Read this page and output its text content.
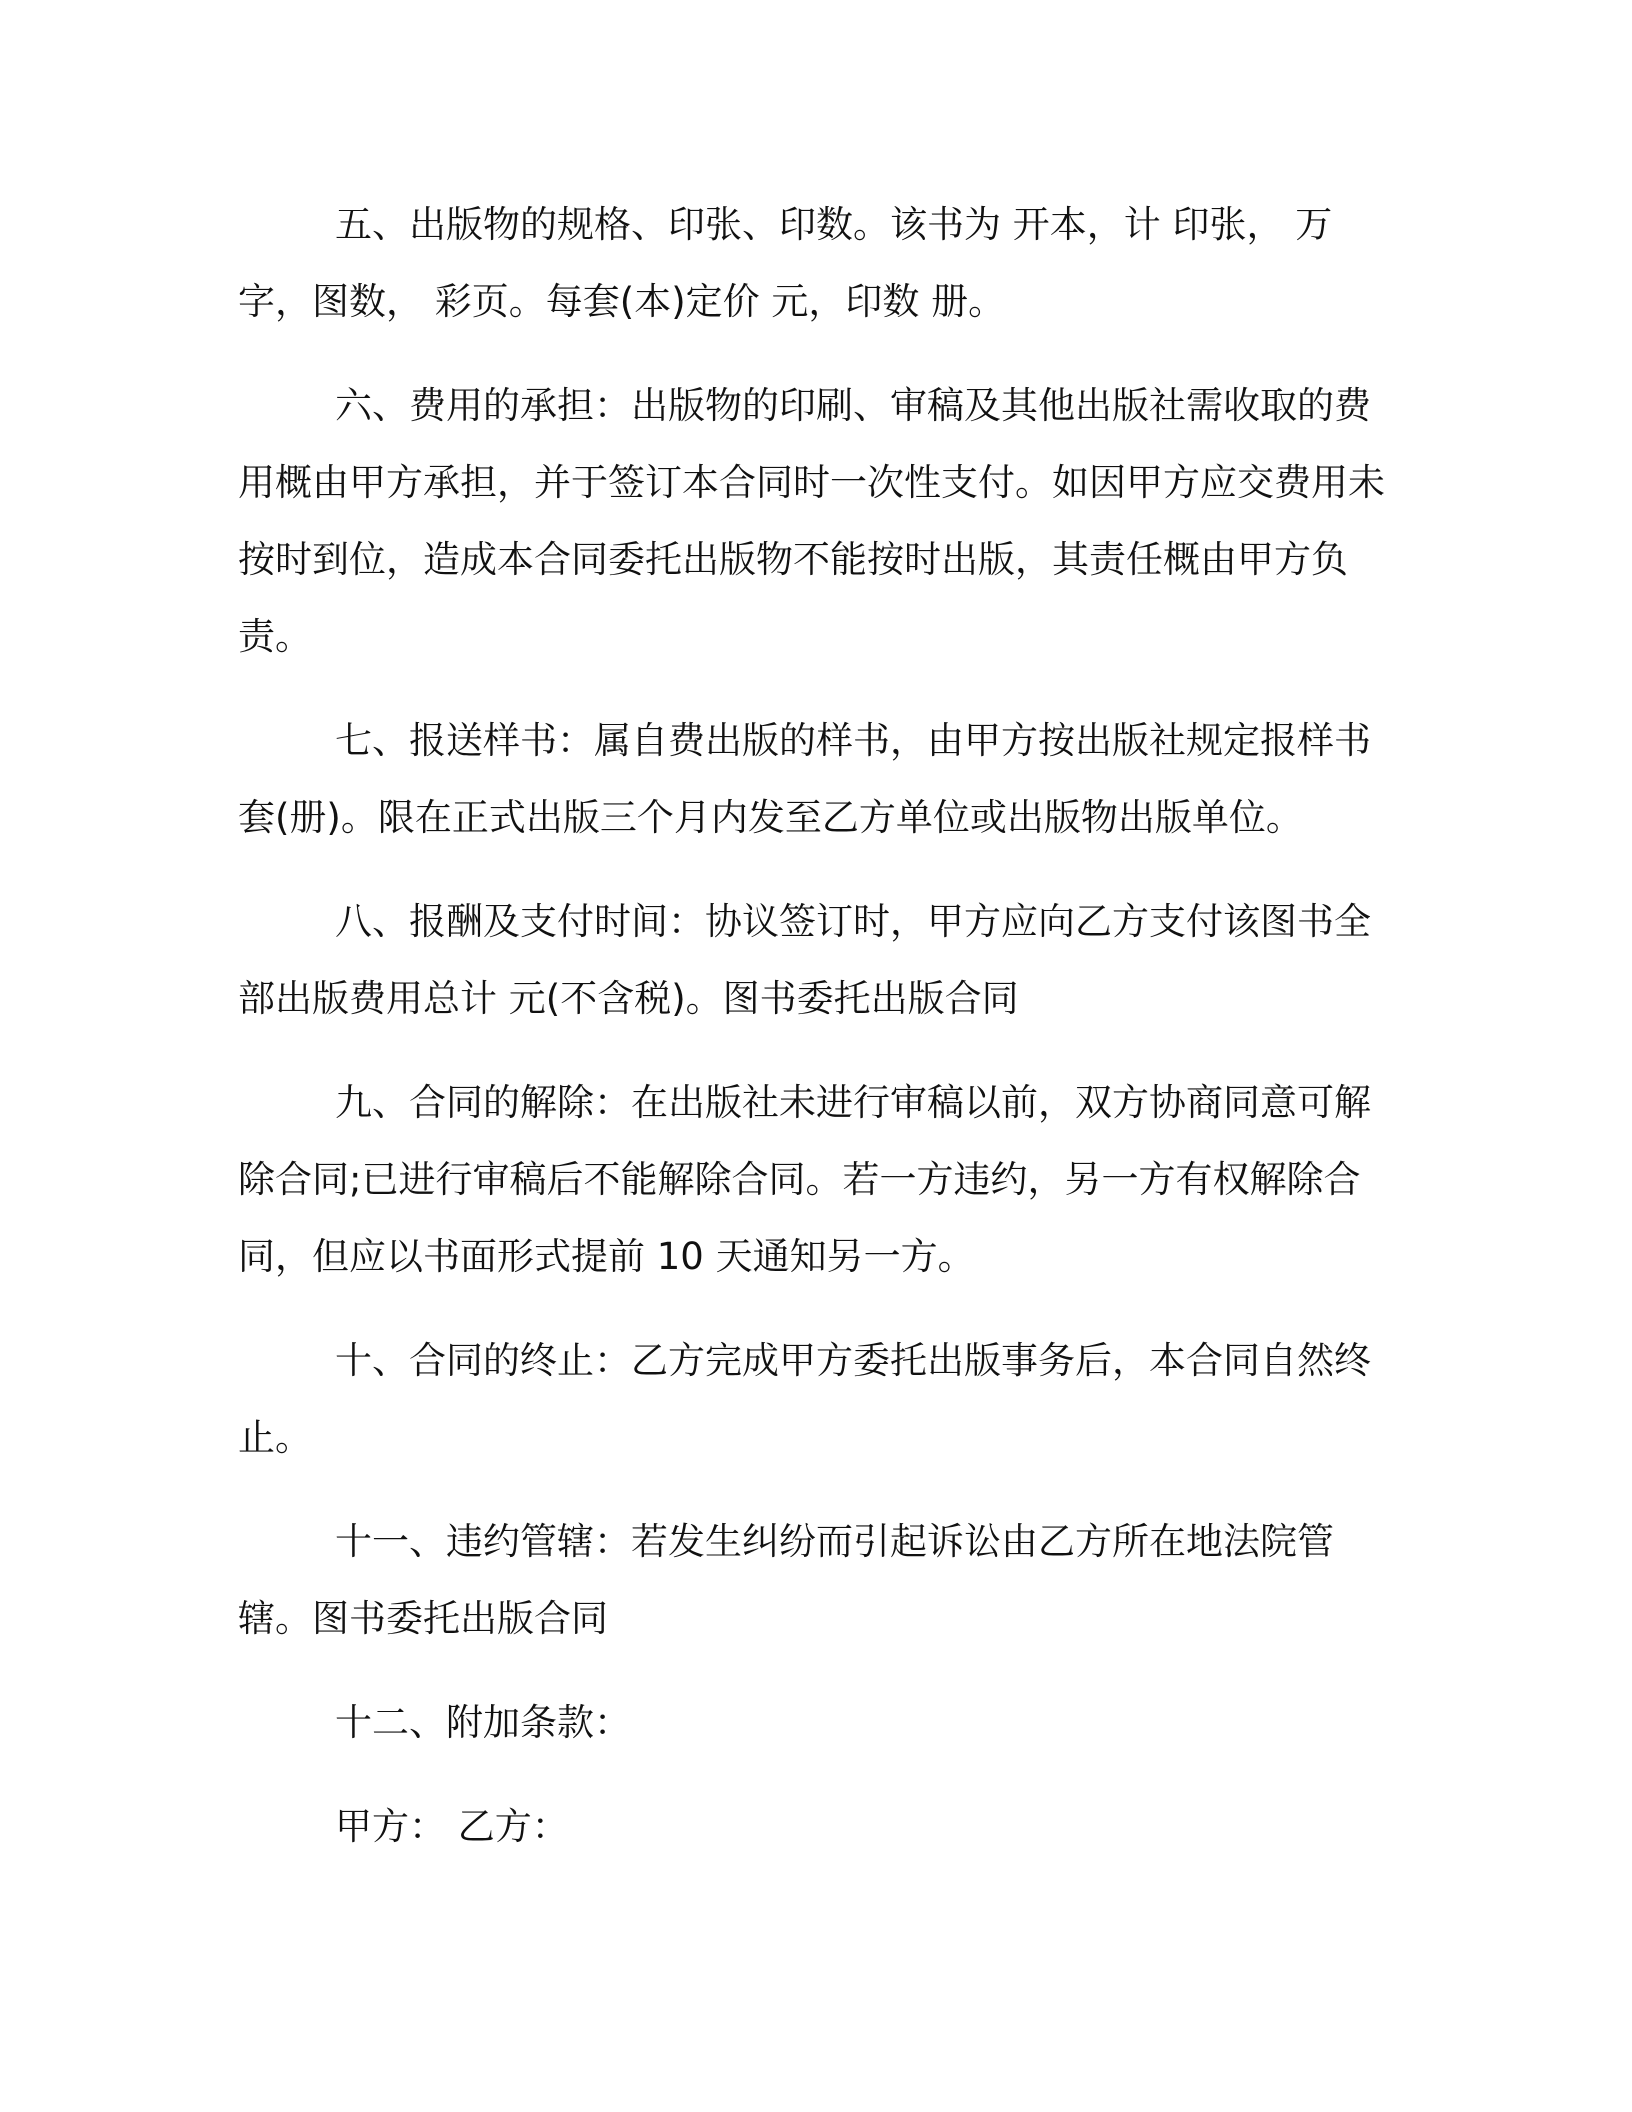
五、出版物的规格、印张、印数。该书为 开本，计 印张， 万字，图数， 彩页。每套(本)定价 元，印数 册。

六、费用的承担：出版物的印刷、审稿及其他出版社需收取的费用概由甲方承担，并于签订本合同时一次性支付。如因甲方应交费用未按时到位，造成本合同委托出版物不能按时出版，其责任概由甲方负责。

七、报送样书：属自费出版的样书，由甲方按出版社规定报样书 套(册)。限在正式出版三个月内发至乙方单位或出版物出版单位。

八、报酬及支付时间：协议签订时，甲方应向乙方支付该图书全部出版费用总计 元(不含税)。图书委托出版合同

九、合同的解除：在出版社未进行审稿以前，双方协商同意可解除合同;已进行审稿后不能解除合同。若一方违约，另一方有权解除合同，但应以书面形式提前 10 天通知另一方。

十、合同的终止：乙方完成甲方委托出版事务后，本合同自然终止。

十一、违约管辖：若发生纠纷而引起诉讼由乙方所在地法院管辖。图书委托出版合同

十二、附加条款：

甲方： 乙方：
